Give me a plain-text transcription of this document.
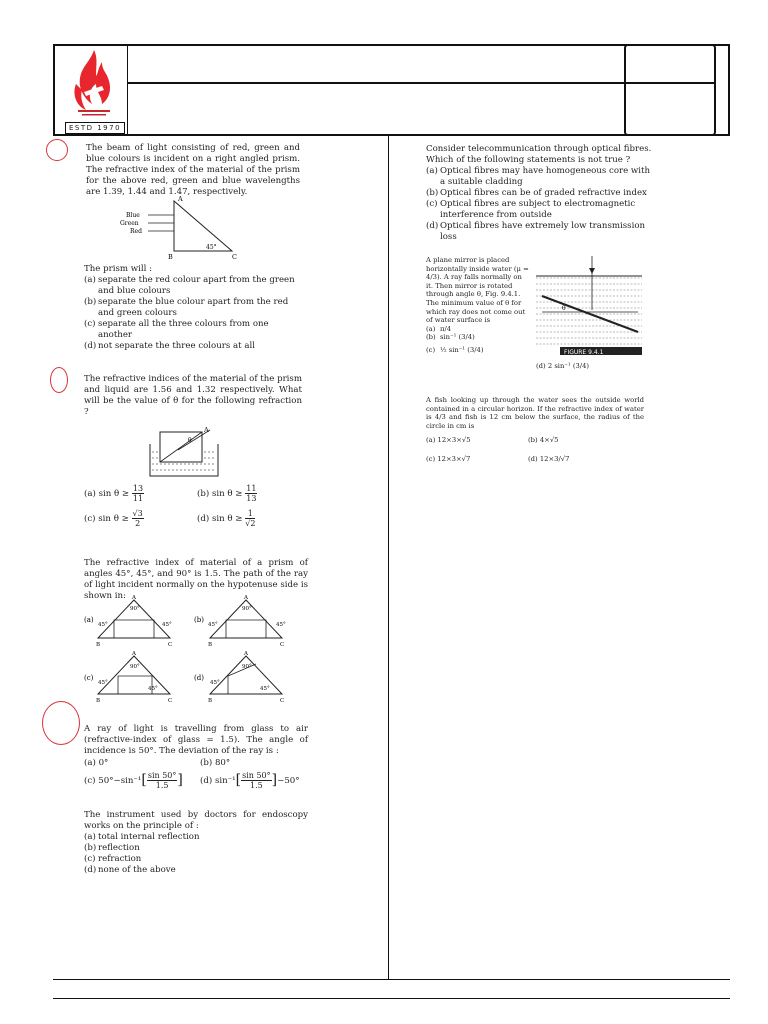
ESTD 1970

The beam of light consisting of red, green and blue colours is incident on a right angled prism. The refractive index of the material of the prism for the above red, green and blue wavelengths are 1.39, 1.44 and 1.47, respectively.

A
B	C
45°
Blue
Green
Red

The prism will :

(a) separate the red colour apart from the green and blue colours
(b) separate the blue colour apart from the red and green colours
(c) separate all the three colours from one another
(d) not separate the three colours at all

The refractive indices of the material of the prism and liquid are 1.56 and 1.32 respectively. What will be the value of θ for the following refraction ?

A
θ
(a) $\sin \theta \ge \frac{13}{11}$	(b) $\sin \theta \ge \frac{11}{13}$
(c) $\sin \theta \ge \frac{√3}{2}$	(d) $\sin \theta \ge \frac{1}{√2}$

The refractive index of material of a prism of angles 45°, 45°, and 90° is 1.5. The path of the ray of light incident normally on the hypotenuse side is shown in:

(a)
90°
45°	45°
A
B	C
(b)
90°
45°	45°
A
B	C
(c)
90°
45°
45°
A
B	C
(d)
90°
45°
45°
A
B	C

A ray of light is travelling from glass to air (refractive-index of glass = 1.5). The angle of incidence is 50°. The deviation of the ray is :

(a) 0°	(b) 80°
(c) $50^\circ-\sin^{-1}[ \frac{\sin 50^\circ}{1.5}$ ]	(d) $\sin^{-1}[ \frac{\sin 50^\circ}{1.5} ]-50^\circ$

The instrument used by doctors for endoscopy works on the principle of :

(a) total internal reflection
(b) reflection
(c) refraction
(d) none of the above

Consider telecommunication through optical fibres. Which of the following statements is not true ?

(a) Optical fibres may have homogeneous core with a suitable cladding
(b) Optical fibres can be of graded refractive index
(c) Optical fibres are subject to electromagnetic interference from outside
(d) Optical fibres have extremely low transmission loss

A plane mirror is placed horizontally inside water (μ = 4/3). A ray falls normally on it. Then mirror is rotated through angle θ, Fig. 9.4.1. The minimum value of θ for which ray does not come out of water surface is

(a) π/4
(b) sin⁻¹ (3/4)
(c) ½ sin⁻¹ (3/4)
(d) 2 sin⁻¹ (3/4)
θ
FIGURE 9.4.1

A fish looking up through the water sees the outside world contained in a circular horizon. If the refractive index of water is 4/3 and fish is 12 cm below the surface, the radius of the circle in cm is

(a) 12×3×√5	(b) 4×√5
(c) 12×3×√7	(d) 12×3/√7
